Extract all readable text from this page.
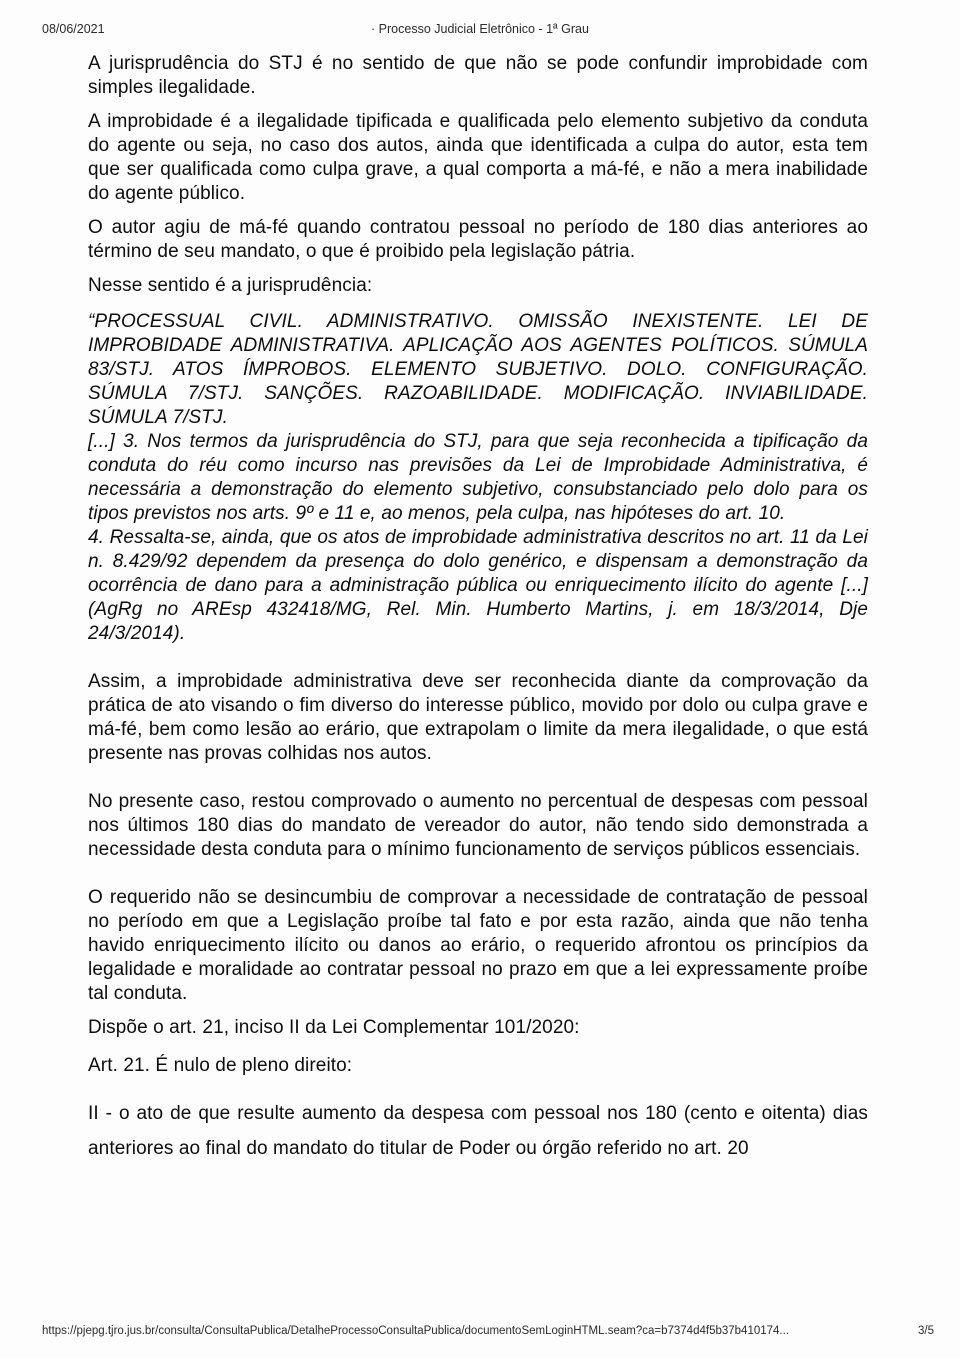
08/06/2021	· Processo Judicial Eletrônico - 1ª Grau

A jurisprudência do STJ é no sentido de que não se pode confundir improbidade com simples ilegalidade.

A improbidade é a ilegalidade tipificada e qualificada pelo elemento subjetivo da conduta do agente ou seja, no caso dos autos, ainda que identificada a culpa do autor, esta tem que ser qualificada como culpa grave, a qual comporta a má-fé, e não a mera inabilidade do agente público.

O autor agiu de má-fé quando contratou pessoal no período de 180 dias anteriores ao término de seu mandato, o que é proibido pela legislação pátria.

Nesse sentido é a jurisprudência:

“PROCESSUAL CIVIL. ADMINISTRATIVO. OMISSÃO INEXISTENTE. LEI DE IMPROBIDADE ADMINISTRATIVA. APLICAÇÃO AOS AGENTES POLÍTICOS. SÚMULA 83/STJ. ATOS ÍMPROBOS. ELEMENTO SUBJETIVO. DOLO. CONFIGURAÇÃO. SÚMULA 7/STJ. SANÇÕES. RAZOABILIDADE. MODIFICAÇÃO. INVIABILIDADE. SÚMULA 7/STJ.

[...] 3. Nos termos da jurisprudência do STJ, para que seja reconhecida a tipificação da conduta do réu como incurso nas previsões da Lei de Improbidade Administrativa, é necessária a demonstração do elemento subjetivo, consubstanciado pelo dolo para os tipos previstos nos arts. 9º e 11 e, ao menos, pela culpa, nas hipóteses do art. 10.

4. Ressalta-se, ainda, que os atos de improbidade administrativa descritos no art. 11 da Lei n. 8.429/92 dependem da presença do dolo genérico, e dispensam a demonstração da ocorrência de dano para a administração pública ou enriquecimento ilícito do agente [...] (AgRg no AREsp 432418/MG, Rel. Min. Humberto Martins, j. em 18/3/2014, Dje 24/3/2014).

Assim, a improbidade administrativa deve ser reconhecida diante da comprovação da prática de ato visando o fim diverso do interesse público, movido por dolo ou culpa grave e má-fé, bem como lesão ao erário, que extrapolam o limite da mera ilegalidade, o que está presente nas provas colhidas nos autos.

No presente caso, restou comprovado o aumento no percentual de despesas com pessoal nos últimos 180 dias do mandato de vereador do autor, não tendo sido demonstrada a necessidade desta conduta para o mínimo funcionamento de serviços públicos essenciais.

O requerido não se desincumbiu de comprovar a necessidade de contratação de pessoal no período em que a Legislação proíbe tal fato e por esta razão, ainda que não tenha havido enriquecimento ilícito ou danos ao erário, o requerido afrontou os princípios da legalidade e moralidade ao contratar pessoal no prazo em que a lei expressamente proíbe tal conduta.

Dispõe o art. 21, inciso II da Lei Complementar 101/2020:

Art. 21. É nulo de pleno direito:

II - o ato de que resulte aumento da despesa com pessoal nos 180 (cento e oitenta) dias anteriores ao final do mandato do titular de Poder ou órgão referido no art. 20

https://pjepg.tjro.jus.br/consulta/ConsultaPublica/DetalheProcessoConsultaPublica/documentoSemLoginHTML.seam?ca=b7374d4f5b37b410174...	3/5
